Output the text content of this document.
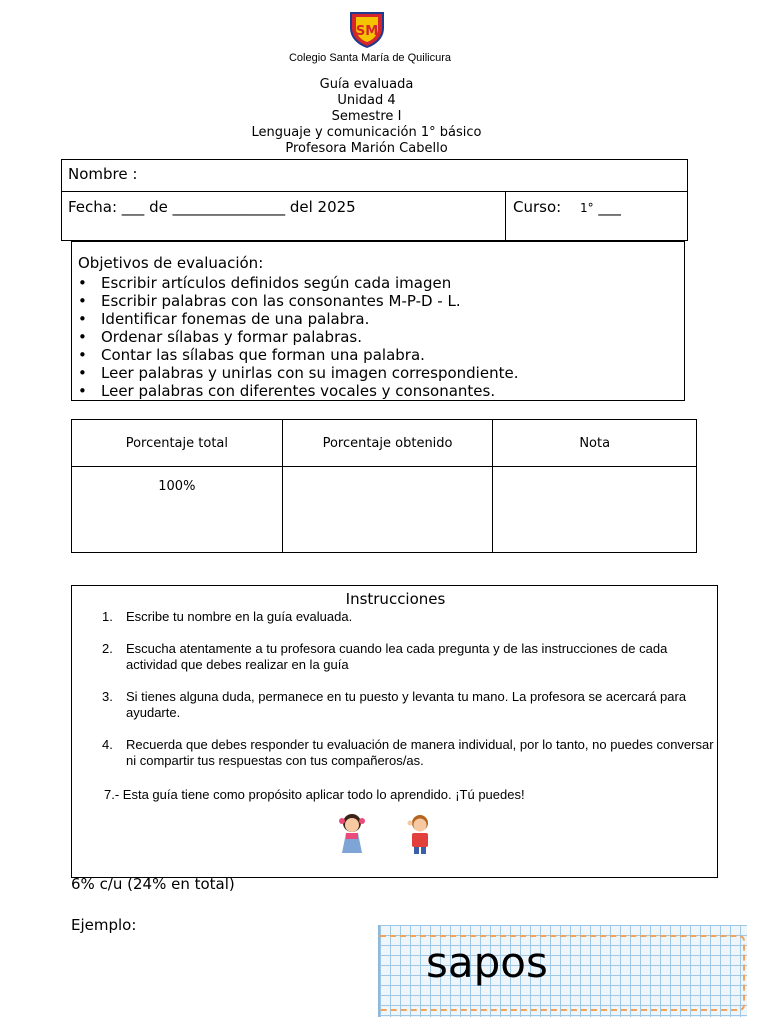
SM
Colegio Santa María de Quilicura
Guía evaluada
Unidad 4
Semestre I
Lenguaje y comunicación 1° básico
Profesora Marión Cabello
Nombre :
Fecha: ___ de _______________ del 2025	Curso: 1° ___
Objetivos de evaluación:
• Escribir artículos definidos según cada imagen
• Escribir palabras con las consonantes M-P-D - L.
• Identificar fonemas de una palabra.
• Ordenar sílabas y formar palabras.
• Contar las sílabas que forman una palabra.
• Leer palabras y unirlas con su imagen correspondiente.
• Leer palabras con diferentes vocales y consonantes.
Porcentaje total	Porcentaje obtenido	Nota
100%		
Instrucciones
1. Escribe tu nombre en la guía evaluada.
2. Escucha atentamente a tu profesora cuando lea cada pregunta y de las instrucciones de cada actividad que debes realizar en la guía
3. Si tienes alguna duda, permanece en tu puesto y levanta tu mano. La profesora se acercará para ayudarte.
4. Recuerda que debes responder tu evaluación de manera individual, por lo tanto, no puedes conversar ni compartir tus respuestas con tus compañeros/as.
7.- Esta guía tiene como propósito aplicar todo lo aprendido. ¡Tú puedes!
6% c/u (24% en total)
Ejemplo:
sapos
